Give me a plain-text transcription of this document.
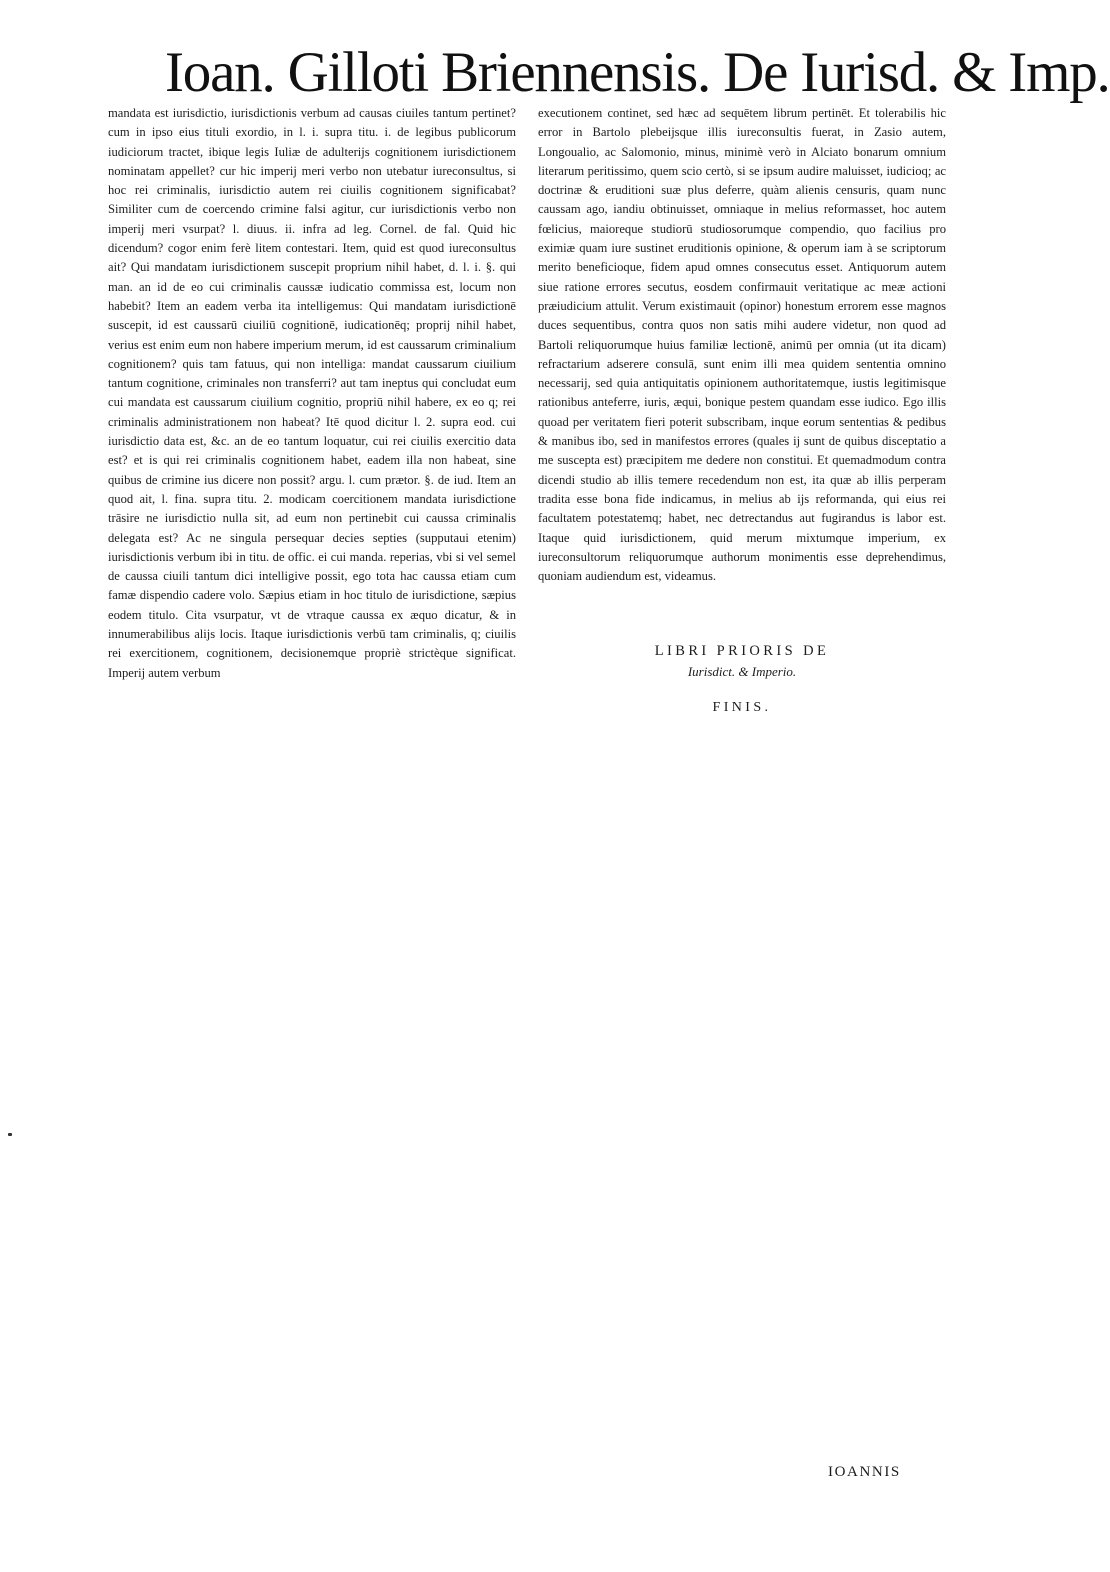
Ioan. Gilloti Briennensis. De Iurisd. & Imp.

mandata est iurisdictio, iurisdictionis verbum ad causas ciuiles tantum pertinet? cum in ipso eius tituli exordio, in l. i. supra titu. i. de legibus publicorum iudiciorum tractet, ibique legis Iuliæ de adulterijs cognitionem iurisdictionem nominatam appellet? cur hic imperij meri verbo non utebatur iureconsultus, si hoc rei criminalis, iurisdictio autem rei ciuilis cognitionem significabat? Similiter cum de coercendo crimine falsi agitur, cur iurisdictionis verbo non imperij meri vsurpat? l. diuus. ii. infra ad leg. Cornel. de fal. Quid hic dicendum? cogor enim ferè litem contestari. Item, quid est quod iureconsultus ait? Qui mandatam iurisdictionem suscepit proprium nihil habet, d. l. i. §. qui man. an id de eo cui criminalis caussæ iudicatio commissa est, locum non habebit? Item an eadem verba ita intelligemus: Qui mandatam iurisdictionē suscepit, id est caussarū ciuiliū cognitionē, iudicationēq; proprij nihil habet, verius est enim eum non habere imperium merum, id est caussarum criminalium cognitionem? quis tam fatuus, qui non intelliga: mandat caussarum ciuilium tantum cognitione, criminales non transferri? aut tam ineptus qui concludat eum cui mandata est caussarum ciuilium cognitio, propriū nihil habere, ex eo q; rei criminalis administrationem non habeat? Itē quod dicitur l. 2. supra eod. cui iurisdictio data est, &c. an de eo tantum loquatur, cui rei ciuilis exercitio data est? et is qui rei criminalis cognitionem habet, eadem illa non habeat, sine quibus de crimine ius dicere non possit? argu. l. cum prætor. §. de iud. Item an quod ait, l. fina. supra titu. 2. modicam coercitionem mandata iurisdictione trāsire ne iurisdictio nulla sit, ad eum non pertinebit cui caussa criminalis delegata est? Ac ne singula persequar decies septies (supputaui etenim) iurisdictionis verbum ibi in titu. de offic. ei cui manda. reperias, vbi si vel semel de caussa ciuili tantum dici intelligive possit, ego tota hac caussa etiam cum famæ dispendio cadere volo. Sæpius etiam in hoc titulo de iurisdictione, sæpius eodem titulo. Cita vsurpatur, vt de vtraque caussa ex æquo dicatur, & in innumerabilibus alijs locis. Itaque iurisdictionis verbū tam criminalis, q; ciuilis rei exercitionem, cognitionem, decisionemque propriè strictèque significat. Imperij autem verbum

executionem continet, sed hæc ad sequētem librum pertinēt. Et tolerabilis hic error in Bartolo plebeijsque illis iureconsultis fuerat, in Zasio autem, Longoualio, ac Salomonio, minus, minimè verò in Alciato bonarum omnium literarum peritissimo, quem scio certò, si se ipsum audire maluisset, iudicioq; ac doctrinæ & eruditioni suæ plus deferre, quàm alienis censuris, quam nunc caussam ago, iandiu obtinuisset, omniaque in melius reformasset, hoc autem fœlicius, maioreque studiorū studiosorumque compendio, quo facilius pro eximiæ quam iure sustinet eruditionis opinione, & operum iam à se scriptorum merito beneficioque, fidem apud omnes consecutus esset. Antiquorum autem siue ratione errores secutus, eosdem confirmauit veritatique ac meæ actioni præiudicium attulit. Verum existimauit (opinor) honestum errorem esse magnos duces sequentibus, contra quos non satis mihi audere videtur, non quod ad Bartoli reliquorumque huius familiæ lectionē, animū per omnia (ut ita dicam) refractarium adserere consulā, sunt enim illi mea quidem sententia omnino necessarij, sed quia antiquitatis opinionem authoritatemque, iustis legitimisque rationibus anteferre, iuris, æqui, bonique pestem quandam esse iudico. Ego illis quoad per veritatem fieri poterit subscribam, inque eorum sententias & pedibus & manibus ibo, sed in manifestos errores (quales ij sunt de quibus disceptatio a me suscepta est) præcipitem me dedere non constitui. Et quemadmodum contra dicendi studio ab illis temere recedendum non est, ita quæ ab illis perperam tradita esse bona fide indicamus, in melius ab ijs reformanda, qui eius rei facultatem potestatemq; habet, nec detrectandus aut fugirandus is labor est. Itaque quid iurisdictionem, quid merum mixtumque imperium, ex iureconsultorum reliquorumque authorum monimentis esse deprehendimus, quoniam audiendum est, videamus.

LIBRI PRIORIS DE
Iurisdict. & Imperio.
FINIS.
IOANNIS
